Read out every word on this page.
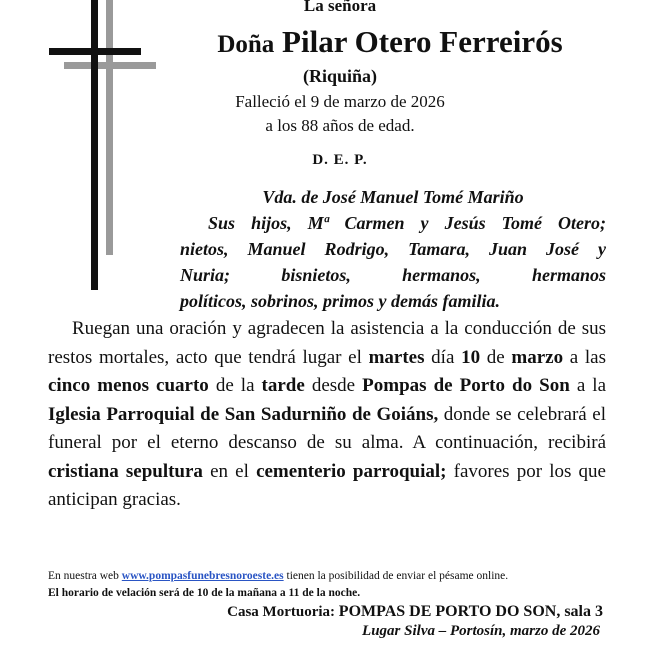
La señora
Doña Pilar Otero Ferreirós
(Riquiña)
Falleció el 9 de marzo de 2026
a los 88 años de edad.
D. E. P.
Vda. de José Manuel Tomé Mariño
Sus hijos, Mª Carmen y Jesús Tomé Otero;
nietos, Manuel Rodrigo, Tamara, Juan José y
Nuria; bisnietos, hermanos, hermanos
políticos, sobrinos, primos y demás familia.
Ruegan una oración y agradecen la asistencia a la conducción de sus restos mortales, acto que tendrá lugar el martes día 10 de marzo a las cinco menos cuarto de la tarde desde Pompas de Porto do Son a la Iglesia Parroquial de San Sadurniño de Goiáns, donde se celebrará el funeral por el eterno descanso de su alma. A continuación, recibirá cristiana sepultura en el cementerio parroquial; favores por los que anticipan gracias.
En nuestra web www.pompasfunebresnoroeste.es tienen la posibilidad de enviar el pésame online.
El horario de velación será de 10 de la mañana a 11 de la noche.
Casa Mortuoria: POMPAS DE PORTO DO SON, sala 3
Lugar Silva – Portosín, marzo de 2026
